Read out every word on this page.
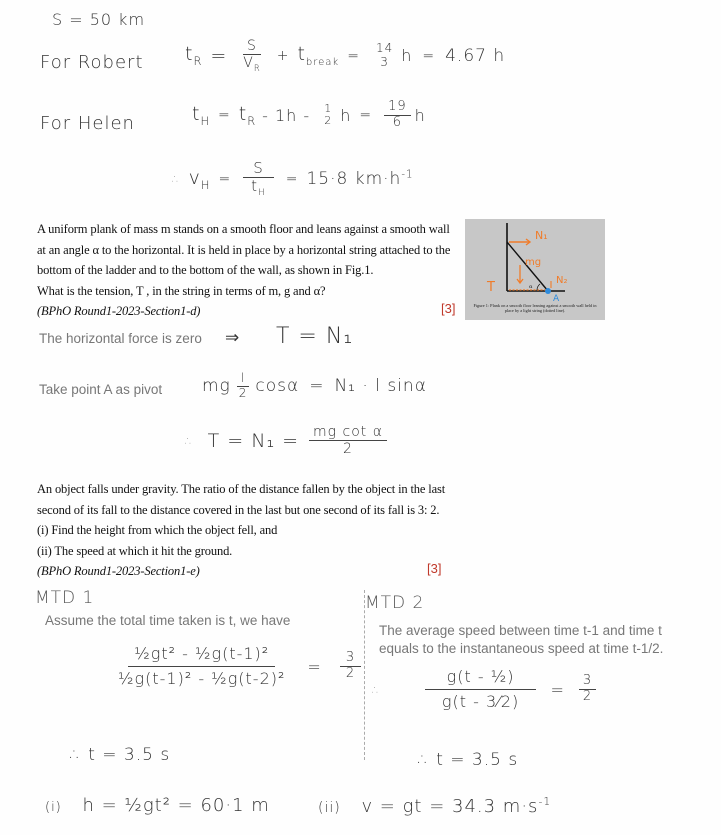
S = 50 km
For Robert $t_R = \frac{S}{V_R} + t_{break}$ =	14
3 h = 4.67 h
For Helen	$t_H = t_R - 1h$ -	1
2 $h = \frac{19}{6}$ h
∴ $v_H = \frac{S}{t_H} = 15\cdot 8$ $km\cdot h^{-1}$
A uniform plank of mass m stands on a smooth floor and leans against a smooth wall
at an angle α to the horizontal. It is held in place by a horizontal string attached to the
bottom of the ladder and to the bottom of the wall, as shown in Fig.1.
What is the tension, T , in the string in terms of m, g and α?
(BPhO Round1-2023-Section1-d)	[3]
N₁
mg
N₂
T
A
α
Figure 1: Plank on a smooth floor leaning against a smooth wall held in place by a light string (dotted line).
The horizontal force is zero ⇒ T = N₁
Take point A as pivot mg $\frac{l}{2}$ cosα = N₁ · l sinα
∴ $T = N_1 = \frac{\text{mg cot α}}{2}$
An object falls under gravity. The ratio of the distance fallen by the object in the last
second of its fall to the distance covered in the last but one second of its fall is 3: 2.
(i) Find the height from which the object fell, and
(ii) The speed at which it hit the ground.
(BPhO Round1-2023-Section1-e)	[3]
MTD 1
Assume the total time taken is t, we have
$\frac{\text{½gt² - ½g(t-1)²}}{\text{½g(t-1)² - ½g(t-2)²}} = \frac{3}{2}$
∴ t = 3.5 s
MTD 2
The average speed between time t-1 and time t
equals to the instantaneous speed at time t-1/2.
∴	$\frac{\text{g(t - ½)}}{g(t - 3⁄2)} = \frac{3}{2}$
∴ t = 3.5 s
(i) h = ½gt² = 60·1 m	(ii) v = gt = 34.3 $m\cdot s^{-1}$
